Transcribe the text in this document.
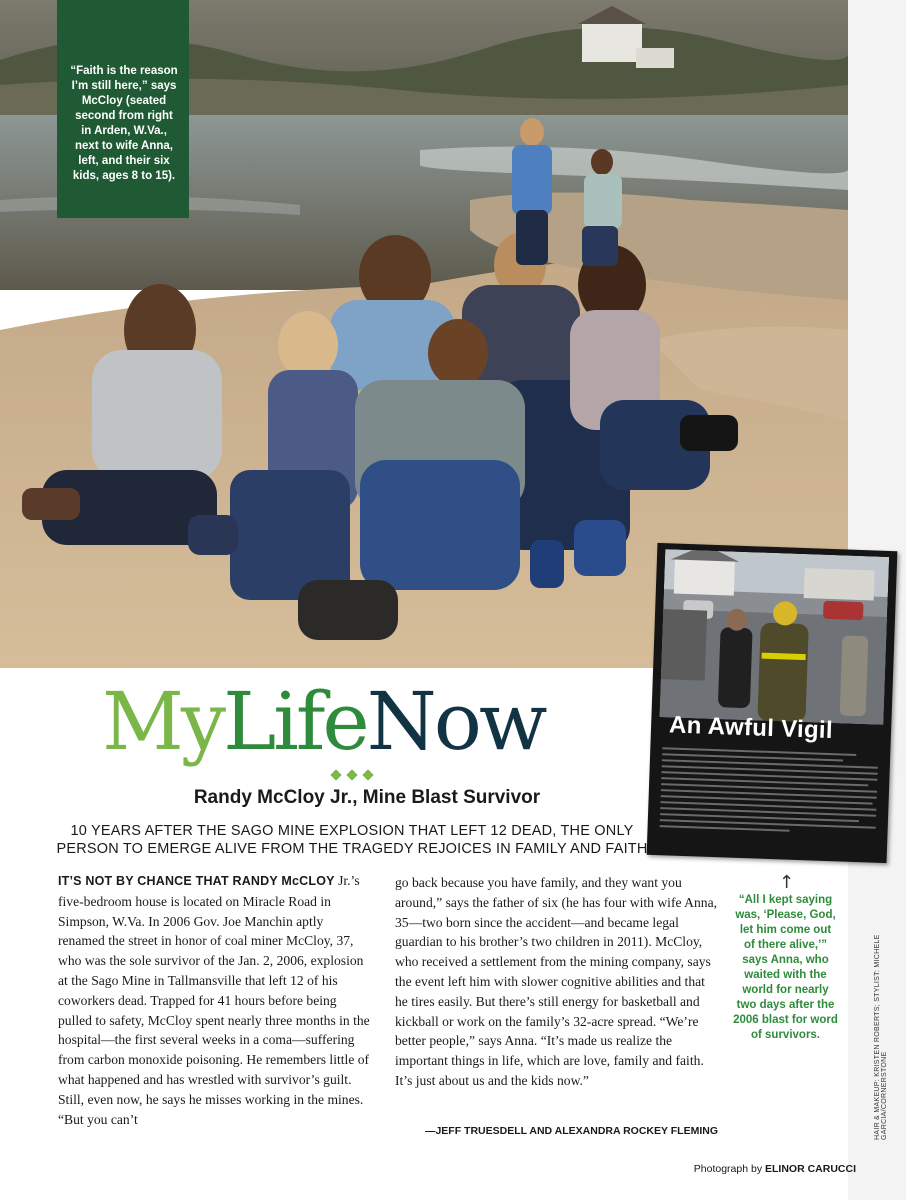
“Faith is the reason I’m still here,” says McCloy (seated second from right in Arden, W.Va., next to wife Anna, left, and their six kids, ages 8 to 15).
An Awful Vigil
MyLifeNow
Randy McCloy Jr., Mine Blast Survivor
10 YEARS AFTER THE SAGO MINE EXPLOSION THAT LEFT 12 DEAD, THE ONLY
PERSON TO EMERGE ALIVE FROM THE TRAGEDY REJOICES IN FAMILY AND FAITH
IT’S NOT BY CHANCE THAT RANDY McCLOY Jr.’s five-bedroom house is located on Miracle Road in Simpson, W.Va. In 2006 Gov. Joe Manchin aptly renamed the street in honor of coal miner McCloy, 37, who was the sole survivor of the Jan. 2, 2006, explosion at the Sago Mine in Tallmansville that left 12 of his coworkers dead. Trapped for 41 hours before being pulled to safety, McCloy spent nearly three months in the hospital—the first several weeks in a coma—suffering from carbon monoxide poisoning. He remembers little of what happened and has wrestled with survivor’s guilt. Still, even now, he says he misses working in the mines. “But you can’t
go back because you have family, and they want you around,” says the father of six (he has four with wife Anna, 35—two born since the accident—and became legal guardian to his brother’s two children in 2011). McCloy, who received a settlement from the mining company, says the event left him with slower cognitive abilities and that he tires easily. But there’s still energy for basketball and kickball or work on the family’s 32-acre spread. “We’re better people,” says Anna. “It’s made us realize the important things in life, which are love, family and faith. It’s just about us and the kids now.”
—JEFF TRUESDELL AND ALEXANDRA ROCKEY FLEMING
↑
“All I kept saying was, ‘Please, God, let him come out of there alive,’” says Anna, who waited with the world for nearly two days after the 2006 blast for word of survivors.	HAIR & MAKEUP: KRISTEN ROBERTS; STYLIST: MICHELE GARCIA/CORNERSTONE
Photograph by ELINOR CARUCCI
